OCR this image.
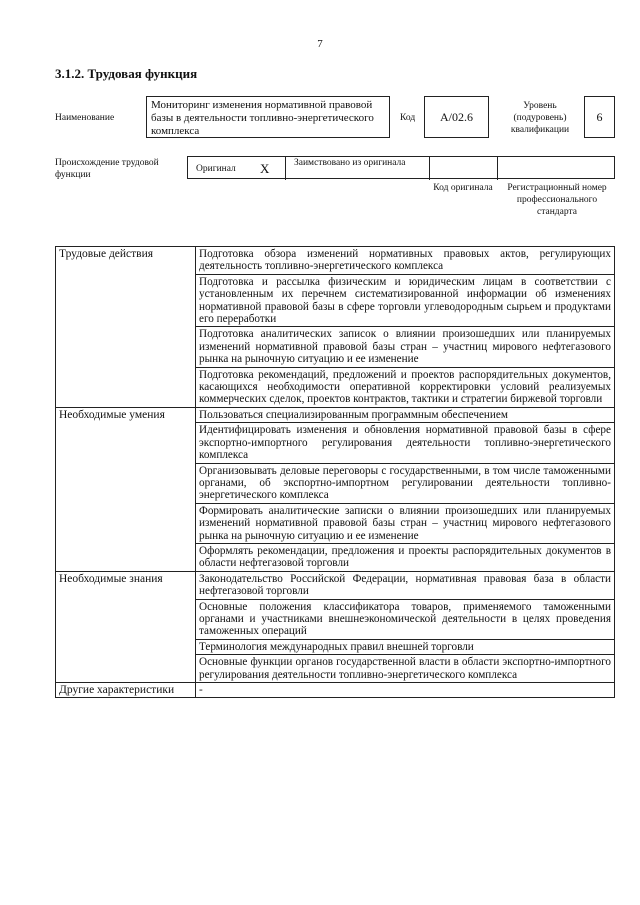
7
3.1.2. Трудовая функция
Наименование
Мониторинг изменения нормативной правовой базы в деятельности топливно-энергетического комплекса
Код	А/02.6
Уровень (подуровень) квалификации
6
Происхождение трудовой функции
Оригинал X	Заимствовано из оригинала
Код оригинала	Регистрационный номер профессионального стандарта
Трудовые действия	Подготовка обзора изменений нормативных правовых актов, регулирующих деятельность топливно-энергетического комплекса
	Подготовка и рассылка физическим и юридическим лицам в соответствии с установленным их перечнем систематизированной информации об изменениях нормативной правовой базы в сфере торговли углеводородным сырьем и продуктами его переработки
	Подготовка аналитических записок о влиянии произошедших или планируемых изменений нормативной правовой базы стран – участниц мирового нефтегазового рынка на рыночную ситуацию и ее изменение
	Подготовка рекомендаций, предложений и проектов распорядительных документов, касающихся необходимости оперативной корректировки условий реализуемых коммерческих сделок, проектов контрактов, тактики и стратегии биржевой торговли
Необходимые умения	Пользоваться специализированным программным обеспечением
	Идентифицировать изменения и обновления нормативной правовой базы в сфере экспортно-импортного регулирования деятельности топливно-энергетического комплекса
	Организовывать деловые переговоры с государственными, в том числе таможенными органами, об экспортно-импортном регулировании деятельности топливно-энергетического комплекса
	Формировать аналитические записки о влиянии произошедших или планируемых изменений нормативной правовой базы стран – участниц мирового нефтегазового рынка на рыночную ситуацию и ее изменение
	Оформлять рекомендации, предложения и проекты распорядительных документов в области нефтегазовой торговли
Необходимые знания	Законодательство Российской Федерации, нормативная правовая база в области нефтегазовой торговли
	Основные положения классификатора товаров, применяемого таможенными органами и участниками внешнеэкономической деятельности в целях проведения таможенных операций
	Терминология международных правил внешней торговли
	Основные функции органов государственной власти в области экспортно-импортного регулирования деятельности топливно-энергетического комплекса
Другие характеристики	-
